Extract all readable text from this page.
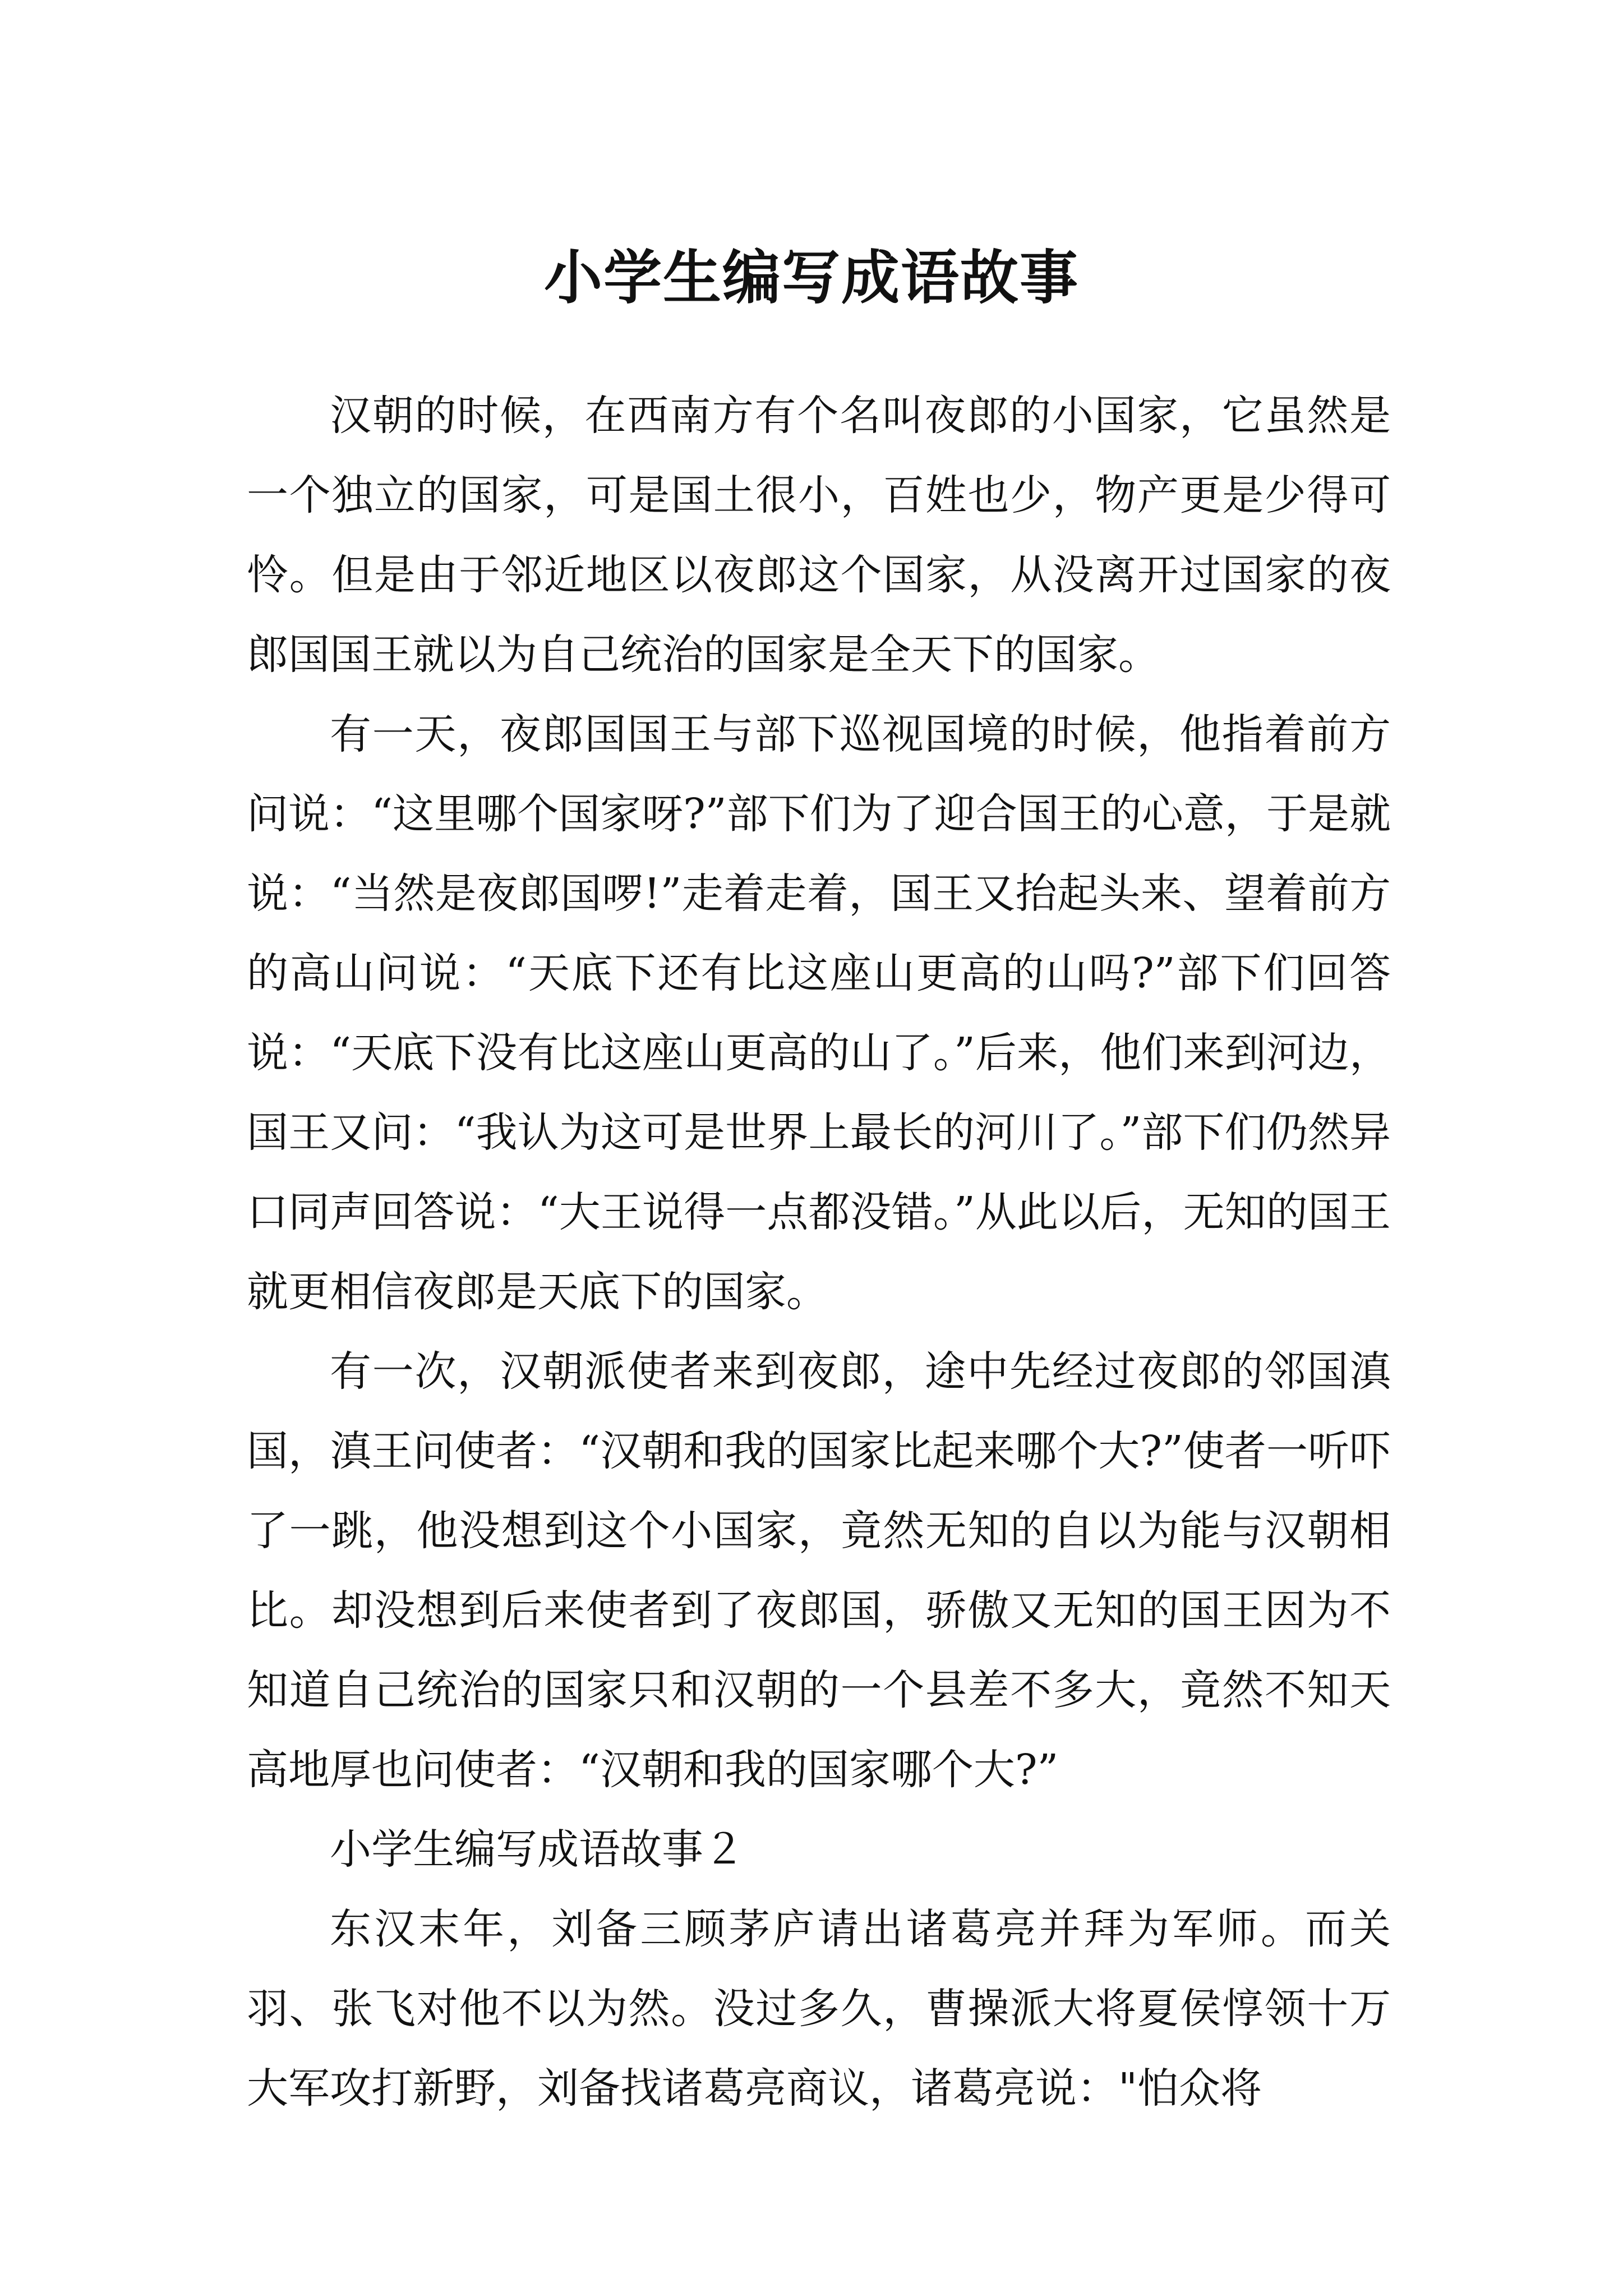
小学生编写成语故事

汉朝的时候，在西南方有个名叫夜郎的小国家，它虽然是一个独立的国家，可是国土很小，百姓也少，物产更是少得可怜。但是由于邻近地区以夜郎这个国家，从没离开过国家的夜郎国国王就以为自己统治的国家是全天下的国家。

有一天，夜郎国国王与部下巡视国境的时候，他指着前方问说：“这里哪个国家呀?”部下们为了迎合国王的心意，于是就说：“当然是夜郎国啰!”走着走着，国王又抬起头来、望着前方的高山问说：“天底下还有比这座山更高的山吗?”部下们回答说：“天底下没有比这座山更高的山了。”后来，他们来到河边，国王又问：“我认为这可是世界上最长的河川了。”部下们仍然异口同声回答说：“大王说得一点都没错。”从此以后，无知的国王就更相信夜郎是天底下的国家。

有一次，汉朝派使者来到夜郎，途中先经过夜郎的邻国滇国，滇王问使者：“汉朝和我的国家比起来哪个大?”使者一听吓了一跳，他没想到这个小国家，竟然无知的自以为能与汉朝相比。却没想到后来使者到了夜郎国，骄傲又无知的国王因为不知道自己统治的国家只和汉朝的一个县差不多大，竟然不知天高地厚也问使者：“汉朝和我的国家哪个大?”

小学生编写成语故事２

东汉末年，刘备三顾茅庐请出诸葛亮并拜为军师。而关羽、张飞对他不以为然。没过多久，曹操派大将夏侯惇领十万大军攻打新野，刘备找诸葛亮商议，诸葛亮说："怕众将
